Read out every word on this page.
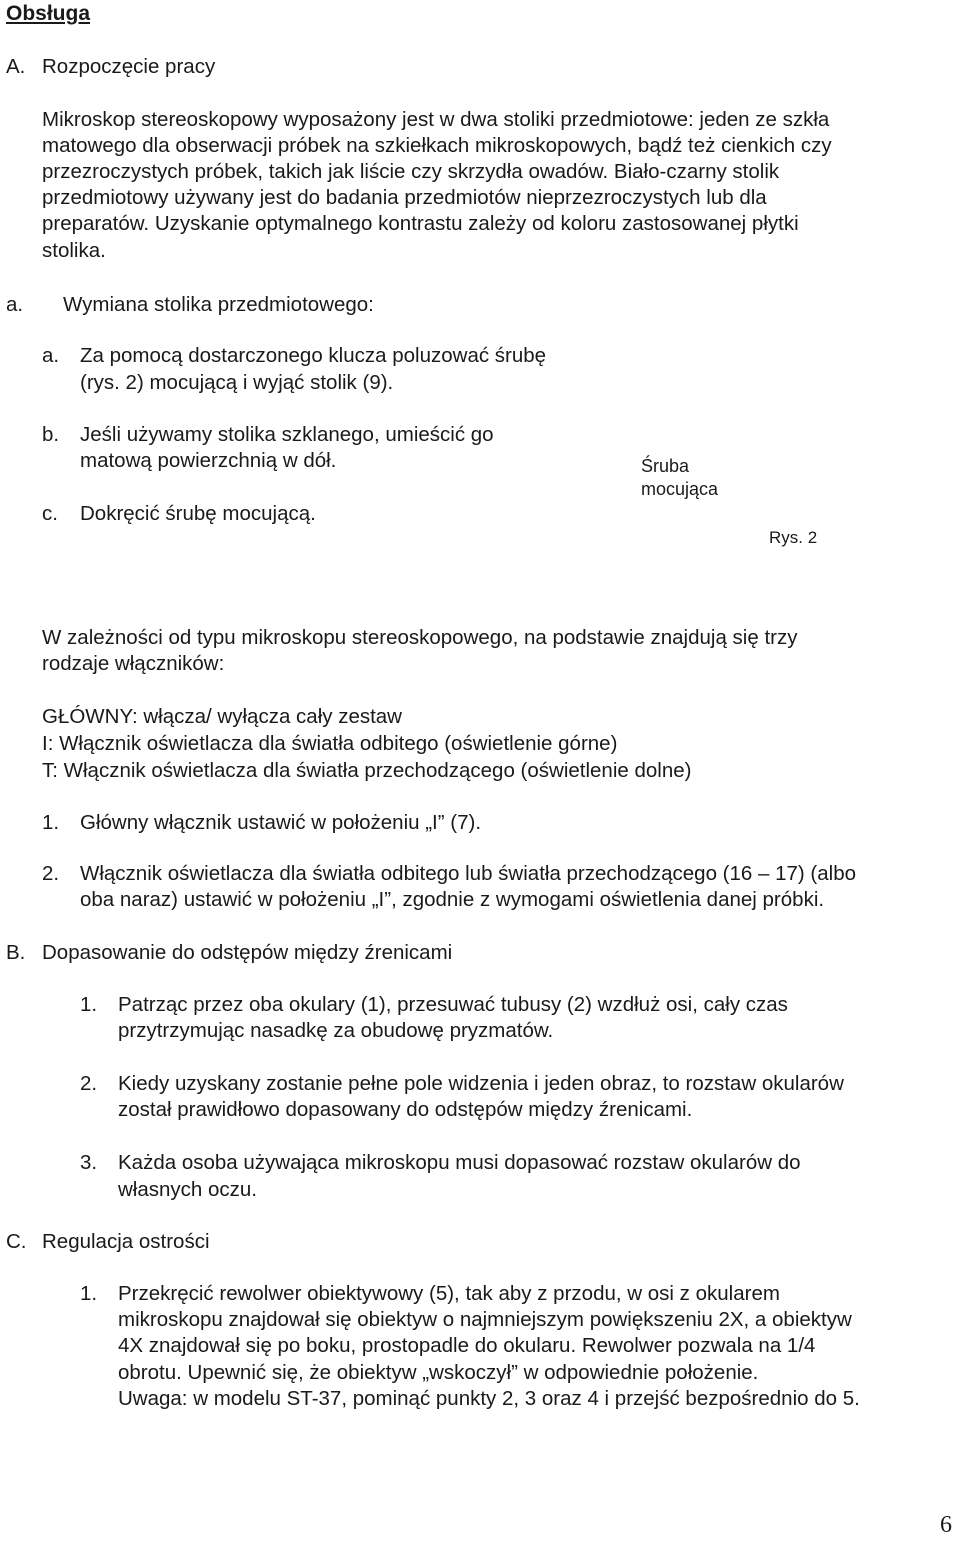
Obsługa
A. Rozpoczęcie pracy
Mikroskop stereoskopowy wyposażony jest w dwa stoliki przedmiotowe: jeden ze szkła
matowego dla obserwacji próbek na szkiełkach mikroskopowych, bądź też cienkich czy
przezroczystych próbek, takich jak liście czy skrzydła owadów. Biało-czarny stolik
przedmiotowy używany jest do badania przedmiotów nieprzezroczystych lub dla
preparatów. Uzyskanie optymalnego kontrastu zależy od koloru zastosowanej płytki
stolika.
a. Wymiana stolika przedmiotowego:
a. Za pomocą dostarczonego klucza poluzować śrubę
(rys. 2) mocującą i wyjąć stolik (9).
b. Jeśli używamy stolika szklanego, umieścić go
matową powierzchnią w dół.
c. Dokręcić śrubę mocującą.
Śruba
mocująca
Rys. 2
W zależności od typu mikroskopu stereoskopowego, na podstawie znajdują się trzy
rodzaje włączników:
GŁÓWNY: włącza/ wyłącza cały zestaw
I: Włącznik oświetlacza dla światła odbitego (oświetlenie górne)
T: Włącznik oświetlacza dla światła przechodzącego (oświetlenie dolne)
1. Główny włącznik ustawić w położeniu „I” (7).
2. Włącznik oświetlacza dla światła odbitego lub światła przechodzącego (16 – 17) (albo
oba naraz) ustawić w położeniu „I”, zgodnie z wymogami oświetlenia danej próbki.
B. Dopasowanie do odstępów między źrenicami
1. Patrząc przez oba okulary (1), przesuwać tubusy (2) wzdłuż osi, cały czas
przytrzymując nasadkę za obudowę pryzmatów.
2. Kiedy uzyskany zostanie pełne pole widzenia i jeden obraz, to rozstaw okularów
został prawidłowo dopasowany do odstępów między źrenicami.
3. Każda osoba używająca mikroskopu musi dopasować rozstaw okularów do
własnych oczu.
C. Regulacja ostrości
1. Przekręcić rewolwer obiektywowy (5), tak aby z przodu, w osi z okularem
mikroskopu znajdował się obiektyw o najmniejszym powiększeniu 2X, a obiektyw
4X znajdował się po boku, prostopadle do okularu. Rewolwer pozwala na 1/4
obrotu. Upewnić się, że obiektyw „wskoczył” w odpowiednie położenie.
Uwaga: w modelu ST-37, pominąć punkty 2, 3 oraz 4 i przejść bezpośrednio do 5.
6
